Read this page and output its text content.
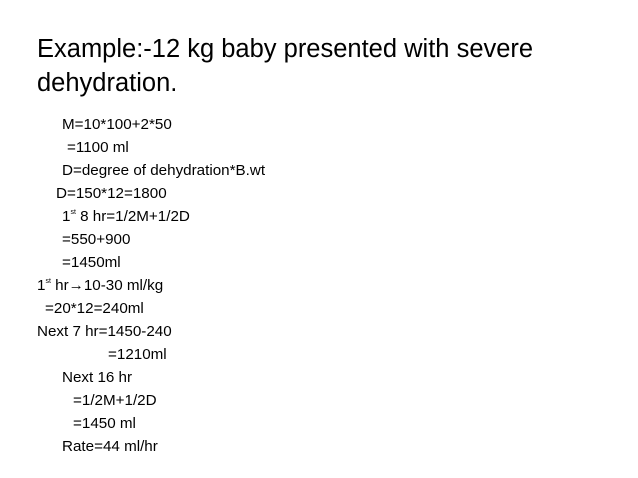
Example:-12 kg baby presented with severe dehydration.
M=10*100+2*50
=1100 ml
D=degree of dehydration*B.wt
D=150*12=1800
1st 8 hr=1/2M+1/2D
=550+900
=1450ml
1st hr→10-30 ml/kg
=20*12=240ml
Next 7 hr=1450-240
=1210ml
Next 16 hr
=1/2M+1/2D
=1450 ml
Rate=44 ml/hr
